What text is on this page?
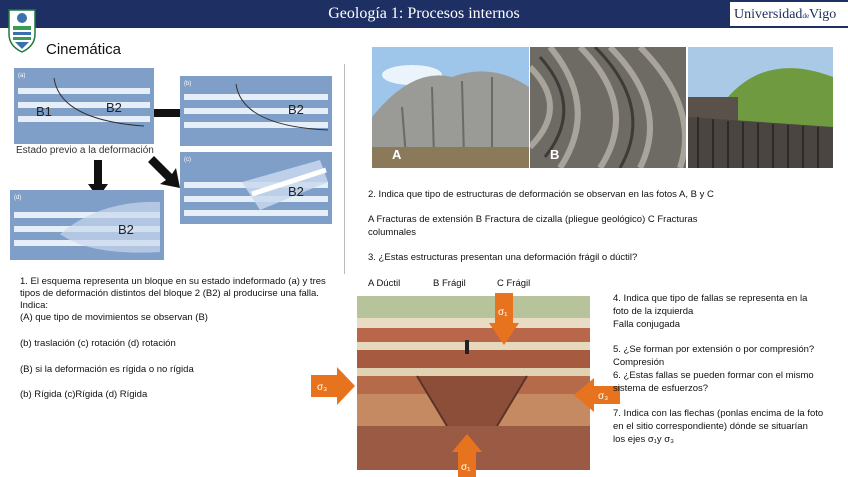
Geología 1: Procesos internos	UniversidaddeVigo
Cinemática
(a)
B1	B2
Estado previo a la deformación
(b)
B2
(c)
B2
(d)
B2
A	B
2. Indica que tipo de estructuras de deformación se observan en las fotos A, B y C
A Fracturas de extensión B Fractura de cizalla (pliegue geológico) C Fracturas
columnales
3. ¿Estas estructuras presentan una deformación frágil o dúctil?
A Dúctil	B Frágil	C Frágil
1. El esquema representa un bloque en su estado indeformado (a) y tres
tipos de deformación distintos del bloque 2 (B2) al producirse una falla.
Indica:
(A) que tipo de movimientos se observan (B)
(b) traslación (c) rotación (d) rotación
(B) si la deformación es rígida o no rígida
(b) Rígida (c)Rígida (d) Rígida
σ₁
σ₃
σ₃
σ₁
4. Indica que tipo de fallas se representa en la
foto de la izquierda
Falla conjugada
5. ¿Se forman por extensión o por compresión?
Compresión
6. ¿Estas fallas se pueden formar con el mismo
sistema de esfuerzos?
7. Indica con las flechas (ponlas encima de la foto
en el sitio correspondiente) dónde se situarían
los ejes σ₁y σ₃
